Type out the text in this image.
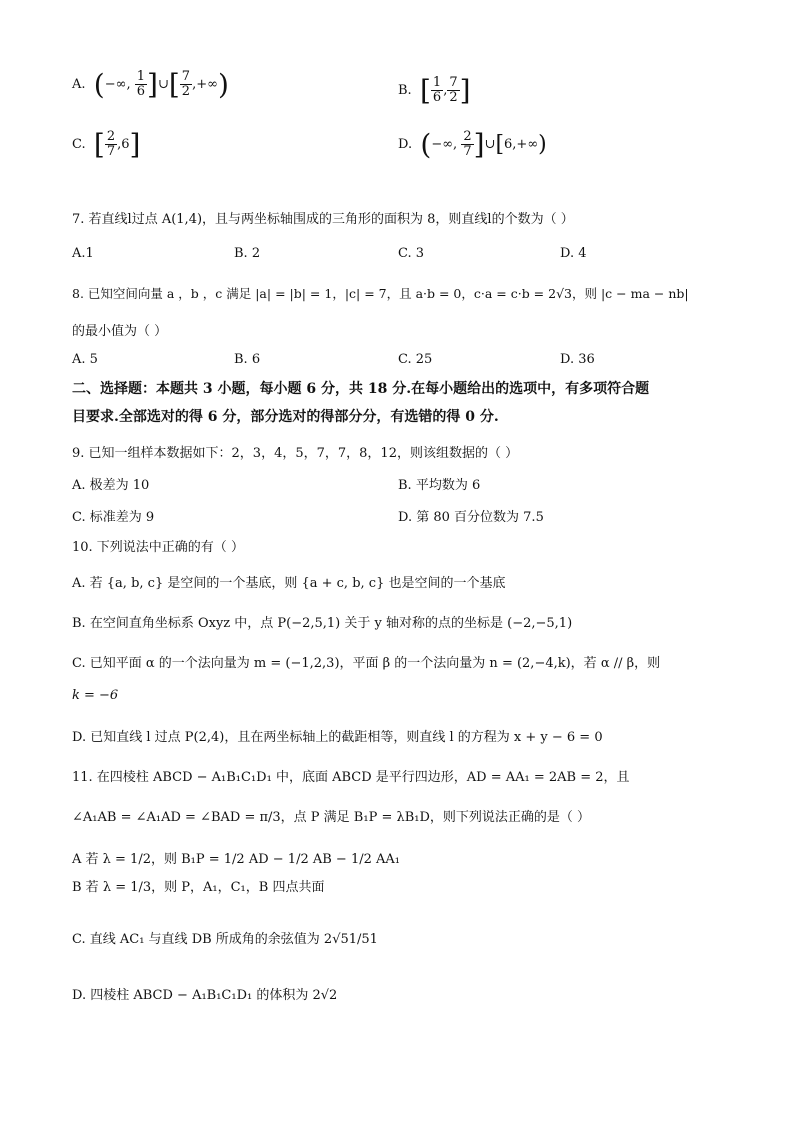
A.  (−∞, $\frac{1}{6}$ ]∪[ $\frac{7}{2}$ ,+∞)	B.  [ $\frac{1}{6}$ , $\frac{7}{2}$ ]
C.  [ $\frac{2}{7} ,6$]	D.  (−∞, $\frac{2}{7}$ ]∪[6,+∞)
7. 若直线l过点 A(1,4)，且与两坐标轴围成的三角形的面积为 8，则直线l的个数为（ ）
A.1	B. 2	C. 3	D. 4
8. 已知空间向量 a ，b ，c 满足 |a| = |b| = 1，|c| = 7，且 a·b = 0，c·a = c·b = 2√3，则 |c − ma − nb|
的最小值为（ ）
A. 5	B. 6	C. 25	D. 36
二、选择题：本题共 3 小题，每小题 6 分，共 18 分.在每小题给出的选项中，有多项符合题
目要求.全部选对的得 6 分，部分选对的得部分分，有选错的得 0 分.
9. 已知一组样本数据如下：2，3，4，5，7，7，8，12，则该组数据的（ ）
A. 极差为 10	B. 平均数为 6
C. 标准差为 9	D. 第 80 百分位数为 7.5
10. 下列说法中正确的有（ ）
A. 若 {a, b, c} 是空间的一个基底，则 {a + c, b, c} 也是空间的一个基底
B. 在空间直角坐标系 Oxyz 中，点 P(−2,5,1) 关于 y 轴对称的点的坐标是 (−2,−5,1)
C. 已知平面 α 的一个法向量为 m = (−1,2,3)，平面 β 的一个法向量为 n = (2,−4,k)，若 α // β，则
k = −6
D. 已知直线 l 过点 P(2,4)，且在两坐标轴上的截距相等，则直线 l 的方程为 x + y − 6 = 0
11. 在四棱柱 ABCD − A₁B₁C₁D₁ 中，底面 ABCD 是平行四边形，AD = AA₁ = 2AB = 2，且
∠A₁AB = ∠A₁AD = ∠BAD = π/3，点 P 满足 B₁P = λB₁D，则下列说法正确的是（ ）
A 若 λ = 1/2，则 B₁P = 1/2 AD − 1/2 AB − 1/2 AA₁
B 若 λ = 1/3，则 P，A₁，C₁，B 四点共面
C. 直线 AC₁ 与直线 DB 所成角的余弦值为 2√51/51
D. 四棱柱 ABCD − A₁B₁C₁D₁ 的体积为 2√2
